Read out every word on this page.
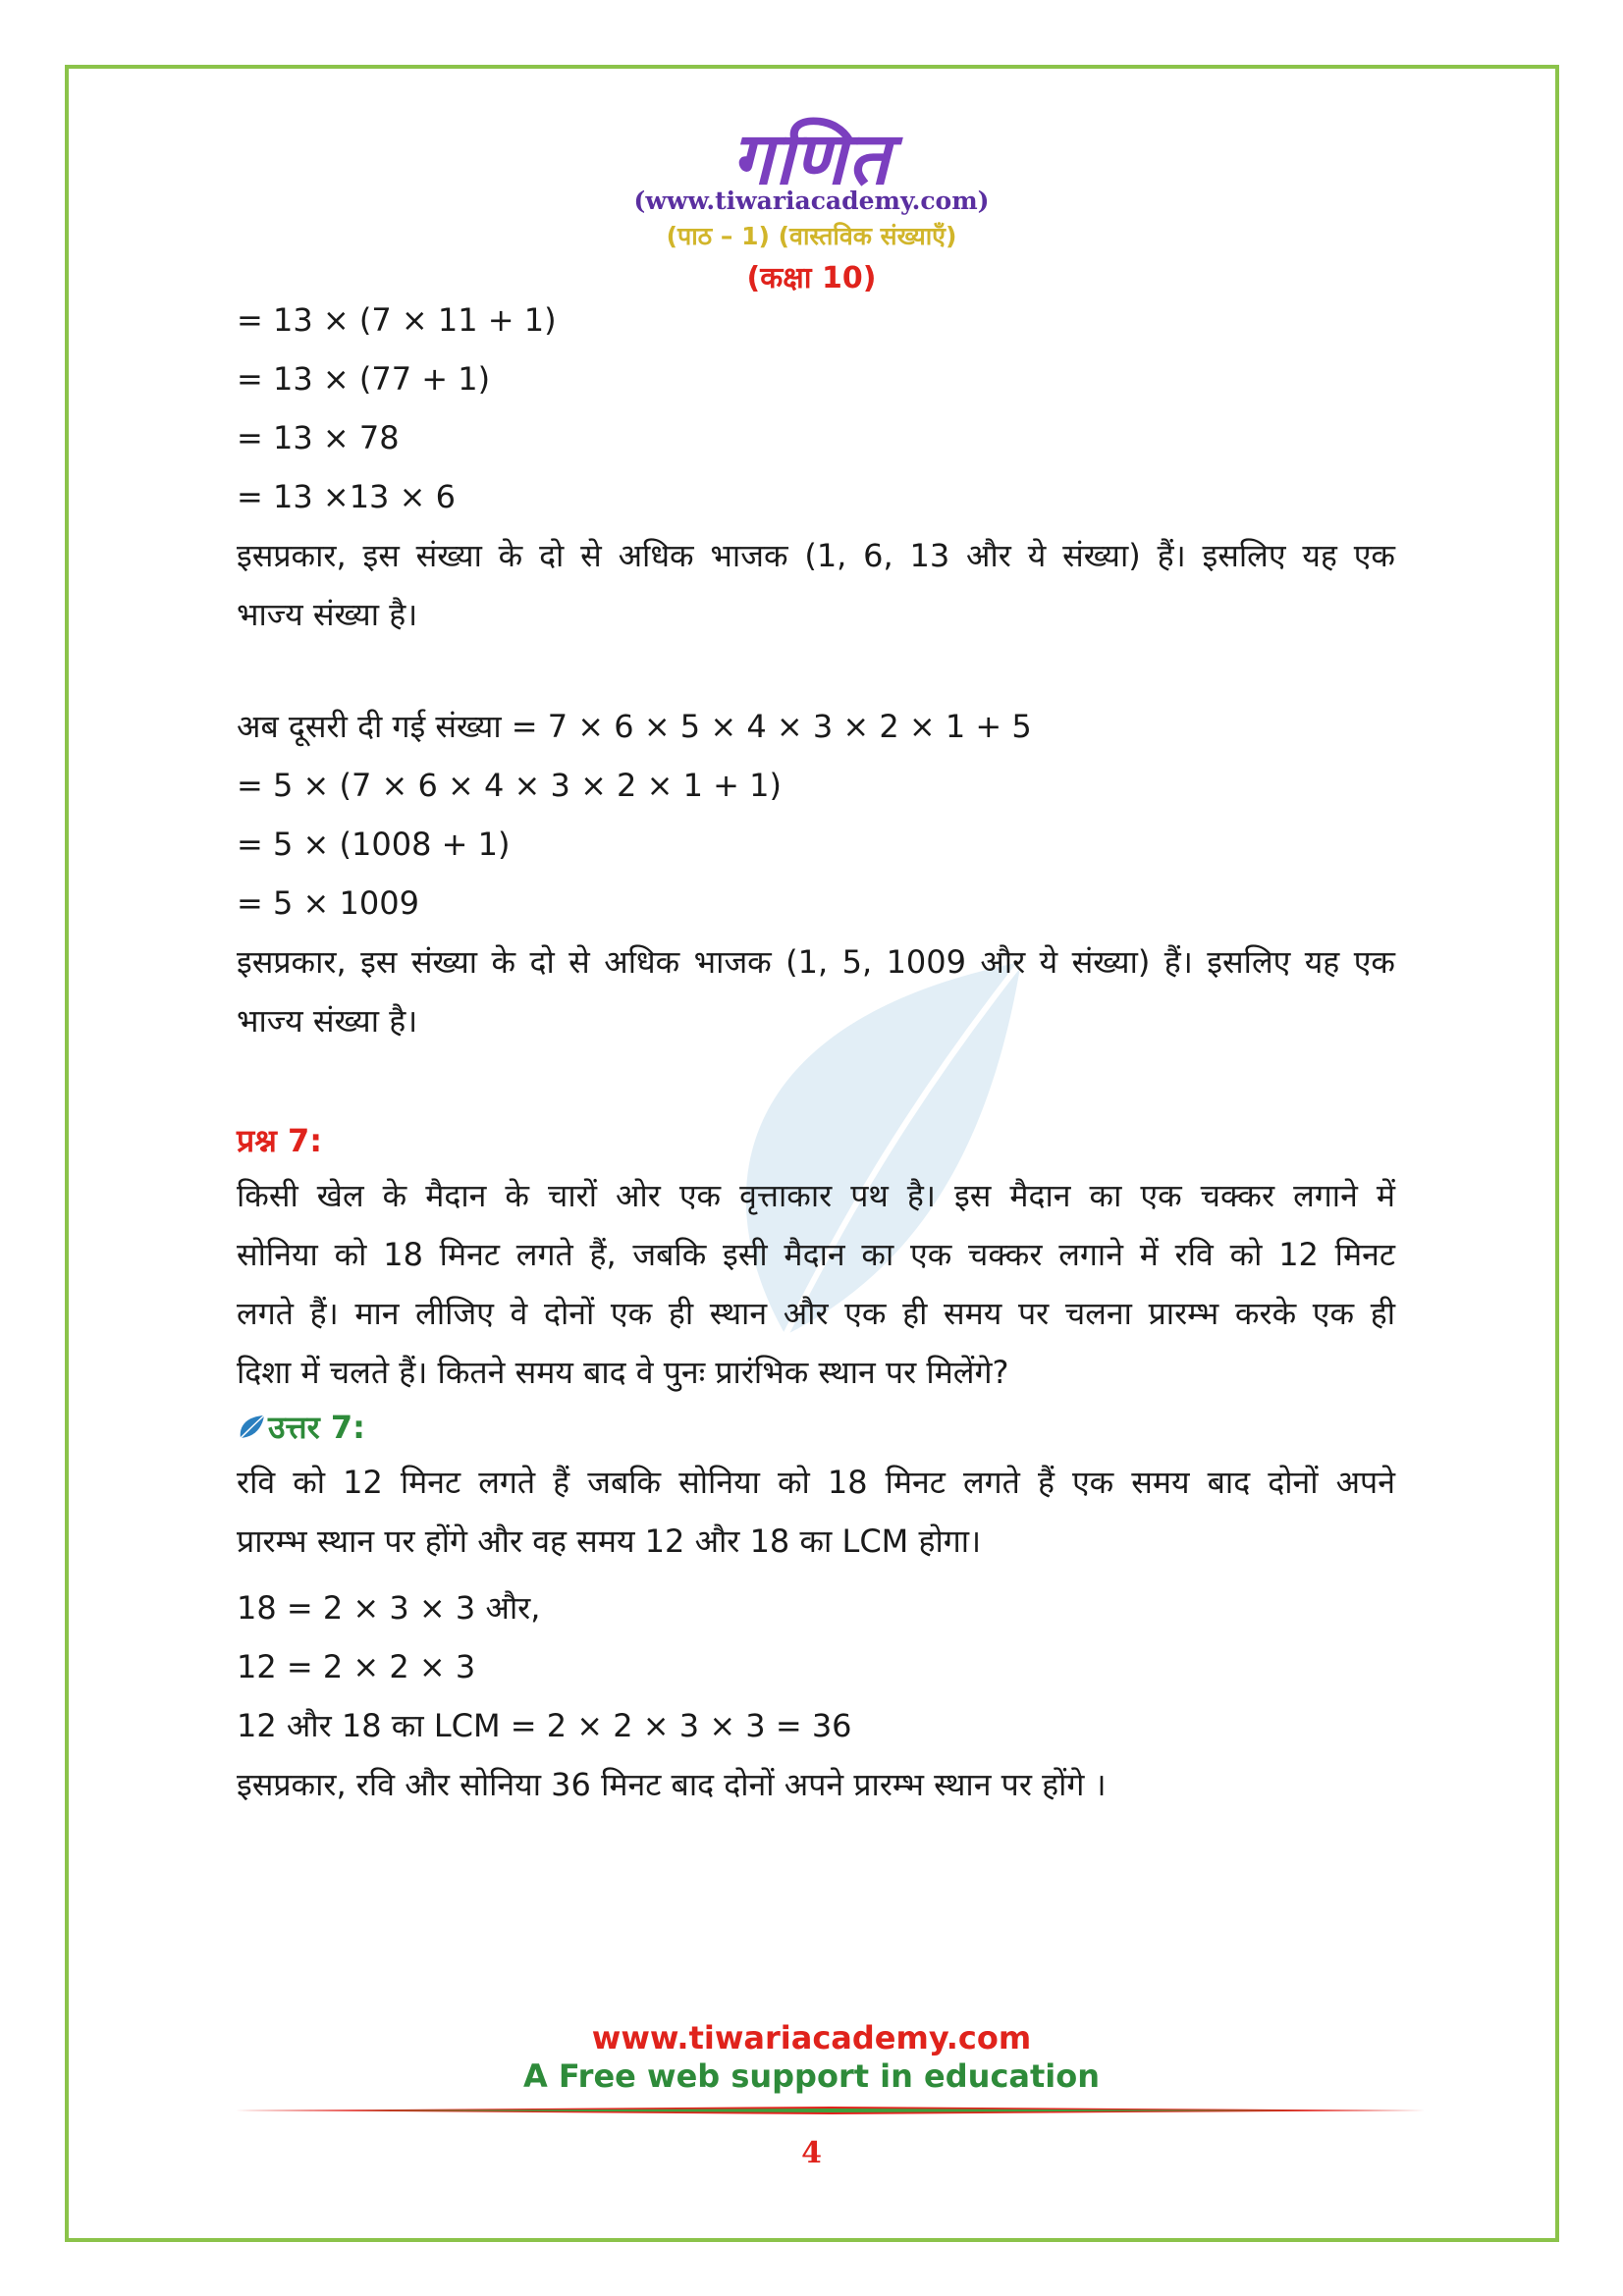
गणित
(www.tiwariacademy.com)
(पाठ – 1) (वास्तविक संख्याएँ)
(कक्षा 10)
= 13 × (7 × 11 + 1)
= 13 × (77 + 1)
= 13 × 78
= 13 ×13 × 6
इसप्रकार, इस संख्या के दो से अधिक भाजक (1, 6, 13 और ये संख्या) हैं। इसलिए यह एक
भाज्य संख्या है।
अब दूसरी दी गई संख्या = 7 × 6 × 5 × 4 × 3 × 2 × 1 + 5
= 5 × (7 × 6 × 4 × 3 × 2 × 1 + 1)
= 5 × (1008 + 1)
= 5 × 1009
इसप्रकार, इस संख्या के दो से अधिक भाजक (1, 5, 1009 और ये संख्या) हैं। इसलिए यह एक
भाज्य संख्या है।
प्रश्न 7:
किसी खेल के मैदान के चारों ओर एक वृत्ताकार पथ है। इस मैदान का एक चक्कर लगाने में
सोनिया को 18 मिनट लगते हैं, जबकि इसी मैदान का एक चक्कर लगाने में रवि को 12 मिनट
लगते हैं। मान लीजिए वे दोनों एक ही स्थान और एक ही समय पर चलना प्रारम्भ करके एक ही
दिशा में चलते हैं। कितने समय बाद वे पुनः प्रारंभिक स्थान पर मिलेंगे?
उत्तर 7:
रवि को 12 मिनट लगते हैं जबकि सोनिया को 18 मिनट लगते हैं एक समय बाद दोनों अपने
प्रारम्भ स्थान पर होंगे और वह समय 12 और 18 का LCM होगा।
18 = 2 × 3 × 3 और,
12 = 2 × 2 × 3
12 और 18 का LCM = 2 × 2 × 3 × 3 = 36
इसप्रकार, रवि और सोनिया 36 मिनट बाद दोनों अपने प्रारम्भ स्थान पर होंगे ।
www.tiwariacademy.com
A Free web support in education
4
